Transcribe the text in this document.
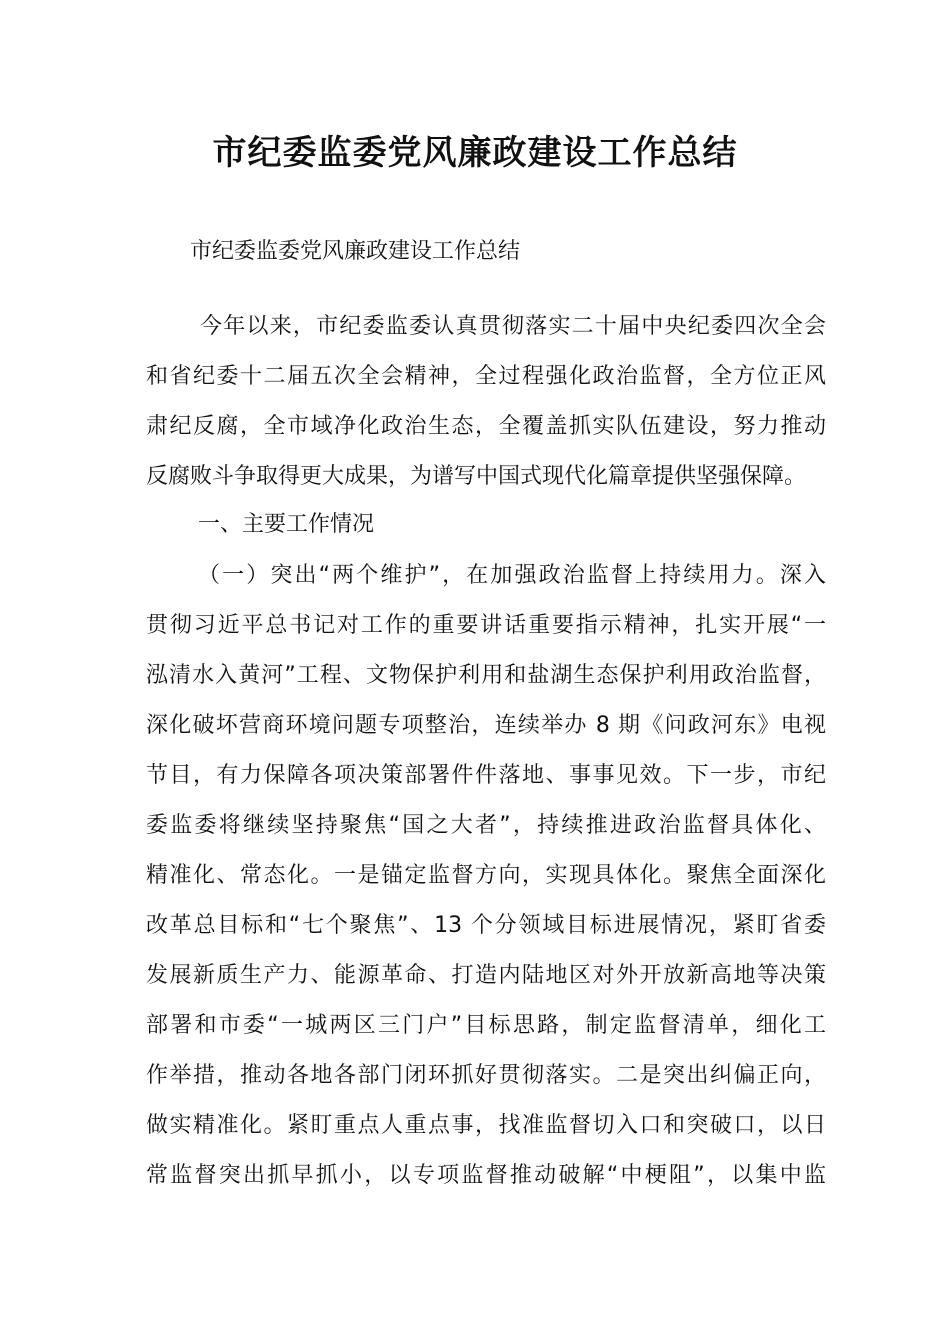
市纪委监委党风廉政建设工作总结

市纪委监委党风廉政建设工作总结

今年以来，市纪委监委认真贯彻落实二十届中央纪委四次全会
和省纪委十二届五次全会精神，全过程强化政治监督，全方位正风
肃纪反腐，全市域净化政治生态，全覆盖抓实队伍建设，努力推动
反腐败斗争取得更大成果，为谱写中国式现代化篇章提供坚强保障。
一、主要工作情况
（一）突出“两个维护”，在加强政治监督上持续用力。深入
贯彻习近平总书记对工作的重要讲话重要指示精神，扎实开展“一
泓清水入黄河”工程、文物保护利用和盐湖生态保护利用政治监督，
深化破坏营商环境问题专项整治，连续举办 8 期《问政河东》电视
节目，有力保障各项决策部署件件落地、事事见效。下一步，市纪
委监委将继续坚持聚焦“国之大者”，持续推进政治监督具体化、
精准化、常态化。一是锚定监督方向，实现具体化。聚焦全面深化
改革总目标和“七个聚焦”、13 个分领域目标进展情况，紧盯省委
发展新质生产力、能源革命、打造内陆地区对外开放新高地等决策
部署和市委“一城两区三门户”目标思路，制定监督清单，细化工
作举措，推动各地各部门闭环抓好贯彻落实。二是突出纠偏正向，
做实精准化。紧盯重点人重点事，找准监督切入口和突破口，以日
常监督突出抓早抓小，以专项监督推动破解“中梗阻”，以集中监
